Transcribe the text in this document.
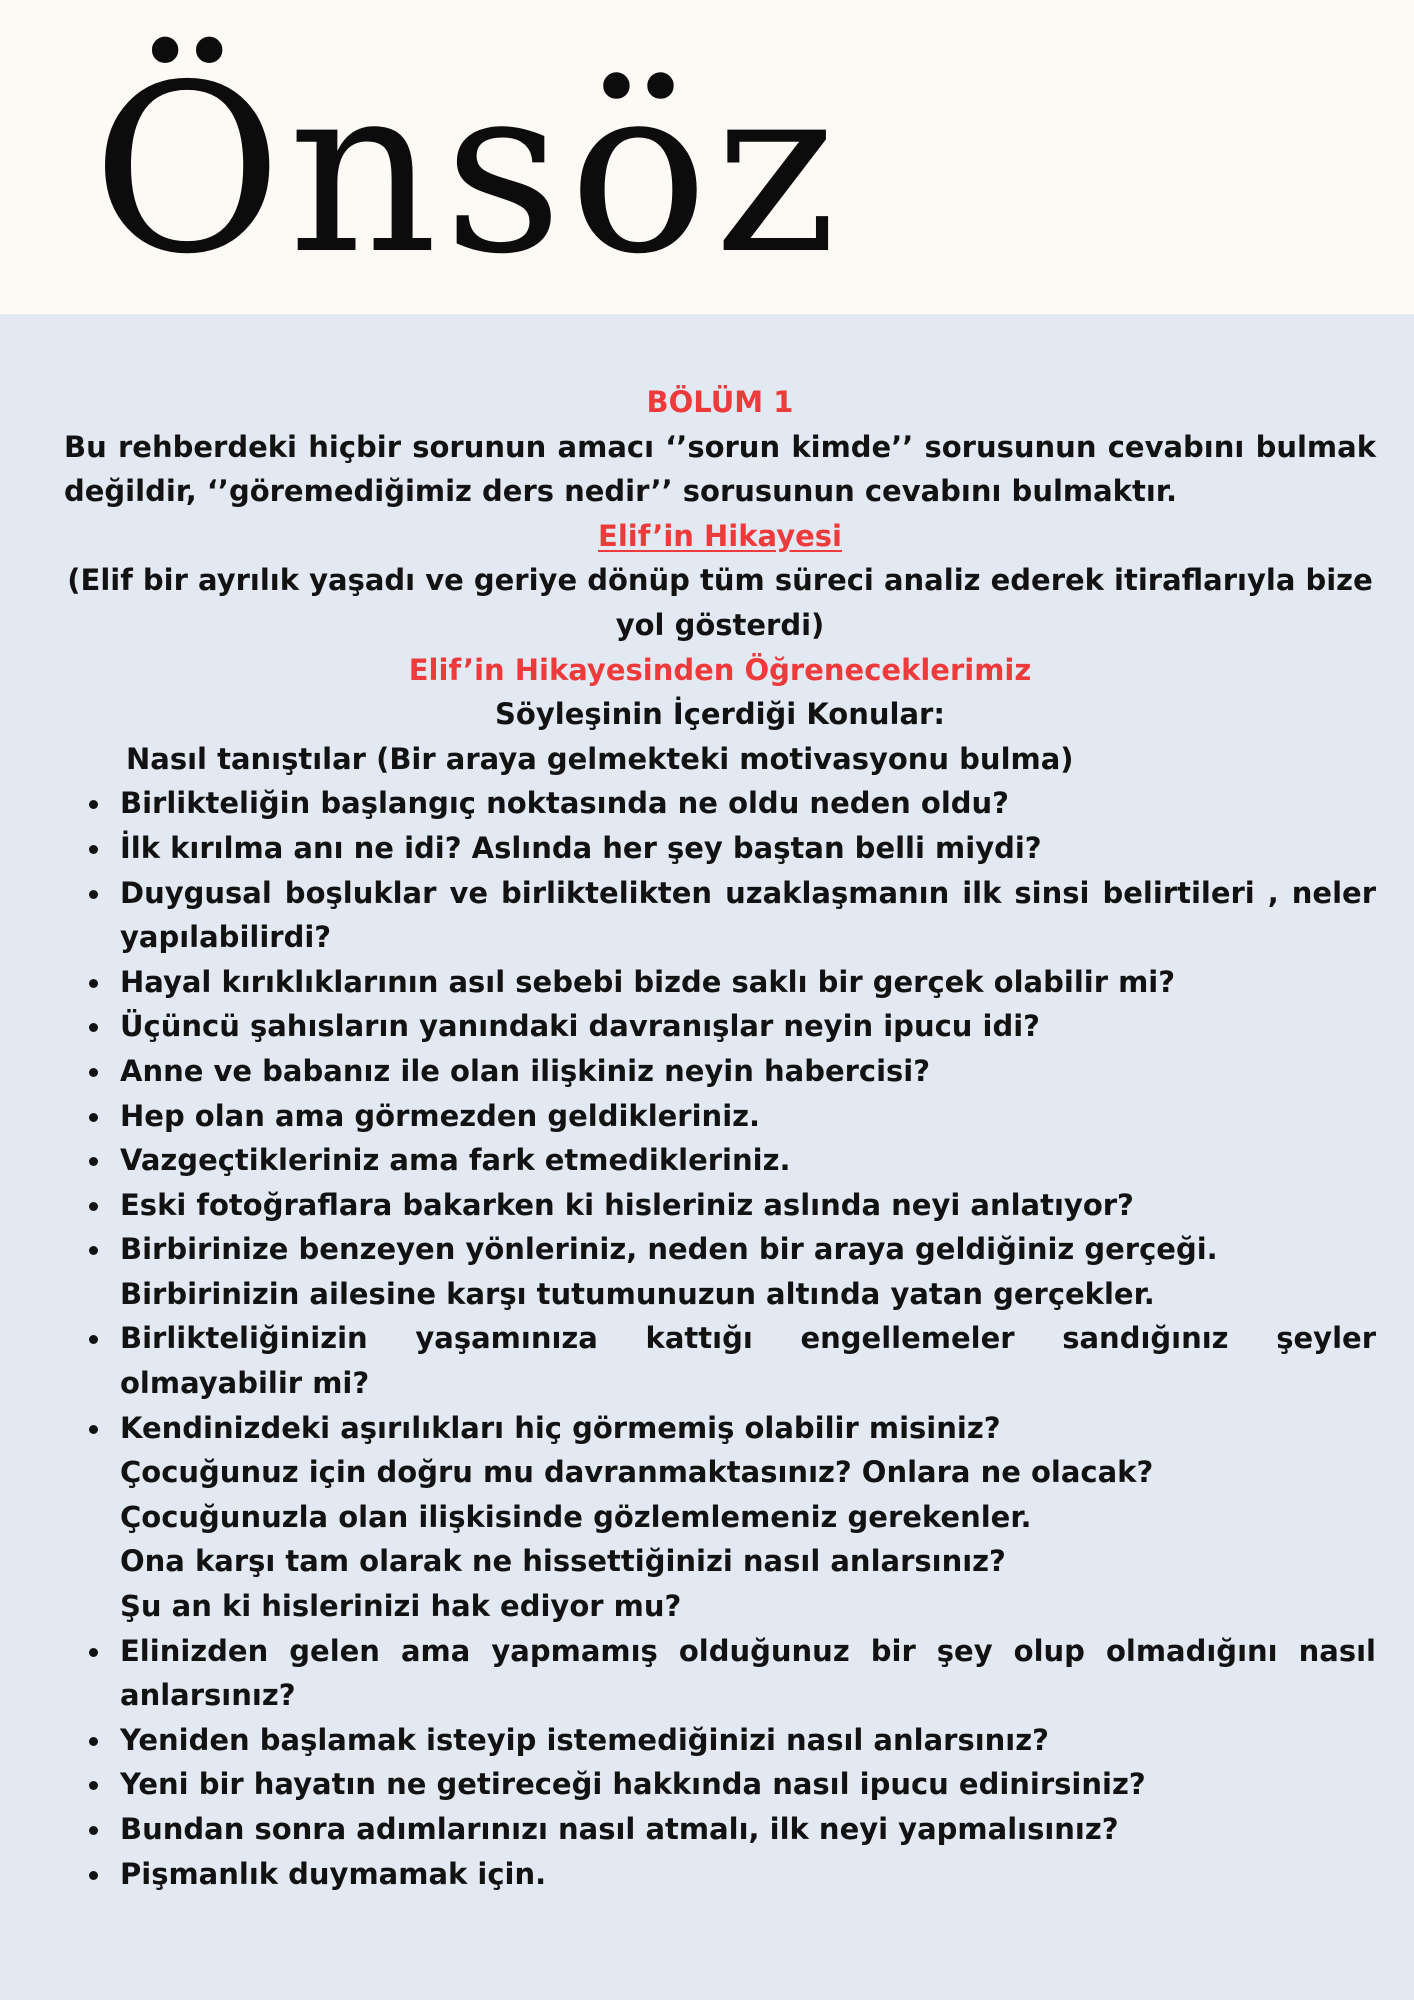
Önsöz
BÖLÜM 1
Bu rehberdeki hiçbir sorunun amacı ‘’sorun kimde’’ sorusunun cevabını bulmak değildir, ‘’göremediğimiz ders nedir’’ sorusunun cevabını bulmaktır.
Elif’in Hikayesi
(Elif bir ayrılık yaşadı ve geriye dönüp tüm süreci analiz ederek itiraflarıyla bize yol gösterdi)
Elif’in Hikayesinden Öğreneceklerimiz
Söyleşinin İçerdiği Konular:
Nasıl tanıştılar (Bir araya gelmekteki motivasyonu bulma)
Birlikteliğin başlangıç noktasında ne oldu neden oldu?
İlk kırılma anı ne idi? Aslında her şey baştan belli miydi?
Duygusal boşluklar ve birliktelikten uzaklaşmanın ilk sinsi belirtileri , neler yapılabilirdi?
Hayal kırıklıklarının asıl sebebi bizde saklı bir gerçek olabilir mi?
Üçüncü şahısların yanındaki davranışlar neyin ipucu idi?
Anne ve babanız ile olan ilişkiniz neyin habercisi?
Hep olan ama görmezden geldikleriniz.
Vazgeçtikleriniz ama fark etmedikleriniz.
Eski fotoğraflara bakarken ki hisleriniz aslında neyi anlatıyor?
Birbirinize benzeyen yönleriniz, neden bir araya geldiğiniz gerçeği.
Birbirinizin ailesine karşı tutumunuzun altında yatan gerçekler.
Birlikteliğinizin yaşamınıza kattığı engellemeler sandığınız şeyler olmayabilir mi?
Kendinizdeki aşırılıkları hiç görmemiş olabilir misiniz?
Çocuğunuz için doğru mu davranmaktasınız? Onlara ne olacak?
Çocuğunuzla olan ilişkisinde gözlemlemeniz gerekenler.
Ona karşı tam olarak ne hissettiğinizi nasıl anlarsınız?
Şu an ki hislerinizi hak ediyor mu?
Elinizden gelen ama yapmamış olduğunuz bir şey olup olmadığını nasıl anlarsınız?
Yeniden başlamak isteyip istemediğinizi nasıl anlarsınız?
Yeni bir hayatın ne getireceği hakkında nasıl ipucu edinirsiniz?
Bundan sonra adımlarınızı nasıl atmalı, ilk neyi yapmalısınız?
Pişmanlık duymamak için.
